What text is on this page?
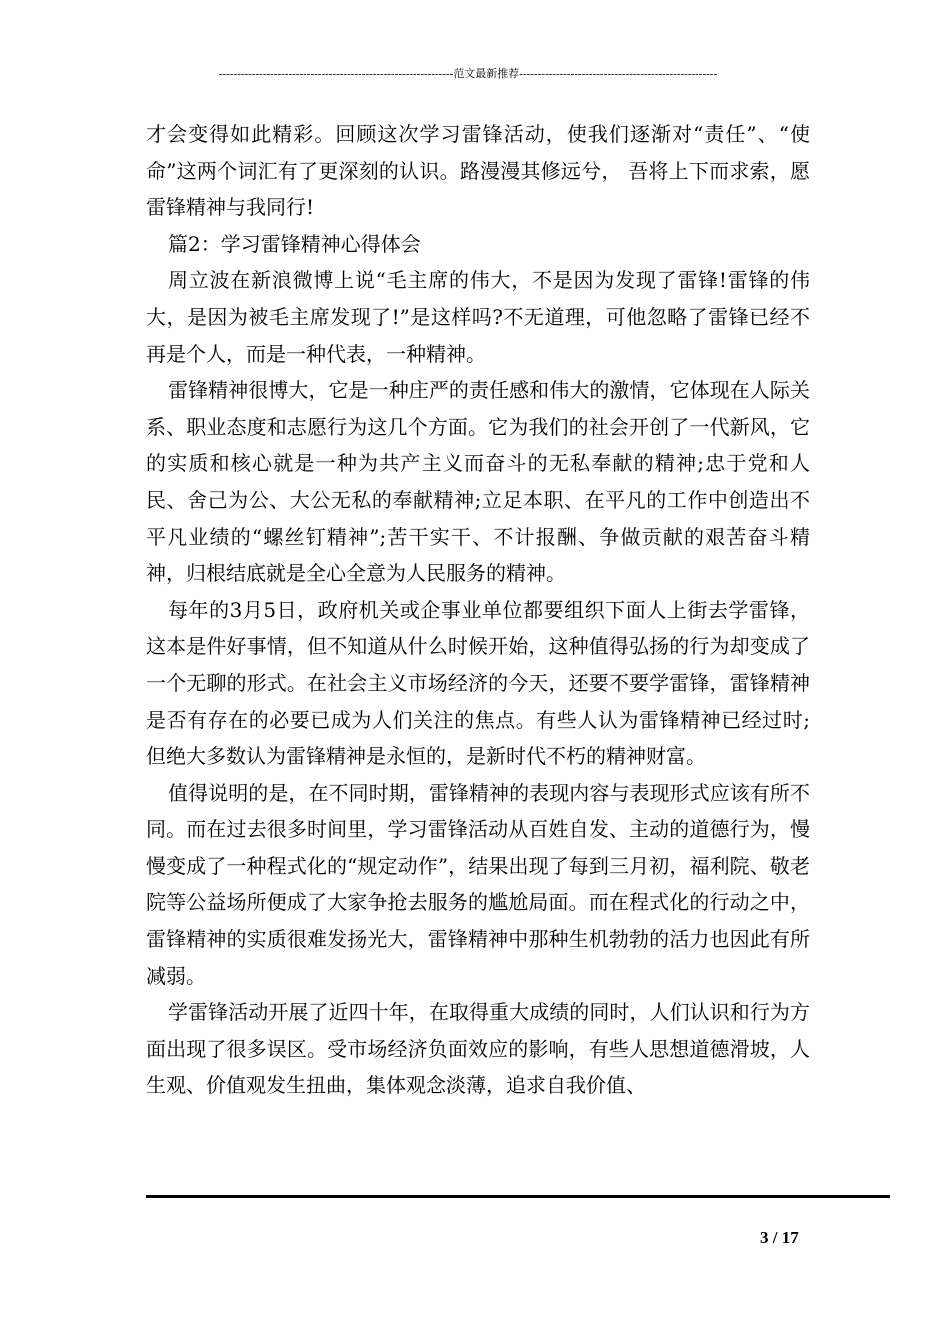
----------------------------------------------------------------范文最新推荐------------------------------------------------------

才会变得如此精彩。回顾这次学习雷锋活动，使我们逐渐对“责任”、“使命”这两个词汇有了更深刻的认识。路漫漫其修远兮， 吾将上下而求索，愿雷锋精神与我同行!

篇2：学习雷锋精神心得体会

周立波在新浪微博上说“毛主席的伟大，不是因为发现了雷锋!雷锋的伟大，是因为被毛主席发现了!”是这样吗?不无道理，可他忽略了雷锋已经不再是个人，而是一种代表，一种精神。

雷锋精神很博大，它是一种庄严的责任感和伟大的激情，它体现在人际关系、职业态度和志愿行为这几个方面。它为我们的社会开创了一代新风，它的实质和核心就是一种为共产主义而奋斗的无私奉献的精神;忠于党和人民、舍己为公、大公无私的奉献精神;立足本职、在平凡的工作中创造出不平凡业绩的“螺丝钉精神”;苦干实干、不计报酬、争做贡献的艰苦奋斗精神，归根结底就是全心全意为人民服务的精神。

每年的3月5日，政府机关或企事业单位都要组织下面人上街去学雷锋，这本是件好事情，但不知道从什么时候开始，这种值得弘扬的行为却变成了一个无聊的形式。在社会主义市场经济的今天，还要不要学雷锋，雷锋精神是否有存在的必要已成为人们关注的焦点。有些人认为雷锋精神已经过时;但绝大多数认为雷锋精神是永恒的，是新时代不朽的精神财富。

值得说明的是，在不同时期，雷锋精神的表现内容与表现形式应该有所不同。而在过去很多时间里，学习雷锋活动从百姓自发、主动的道德行为，慢慢变成了一种程式化的“规定动作”，结果出现了每到三月初，福利院、敬老院等公益场所便成了大家争抢去服务的尴尬局面。而在程式化的行动之中，雷锋精神的实质很难发扬光大，雷锋精神中那种生机勃勃的活力也因此有所减弱。

学雷锋活动开展了近四十年，在取得重大成绩的同时，人们认识和行为方面出现了很多误区。受市场经济负面效应的影响，有些人思想道德滑坡，人生观、价值观发生扭曲，集体观念淡薄，追求自我价值、

3 / 17
